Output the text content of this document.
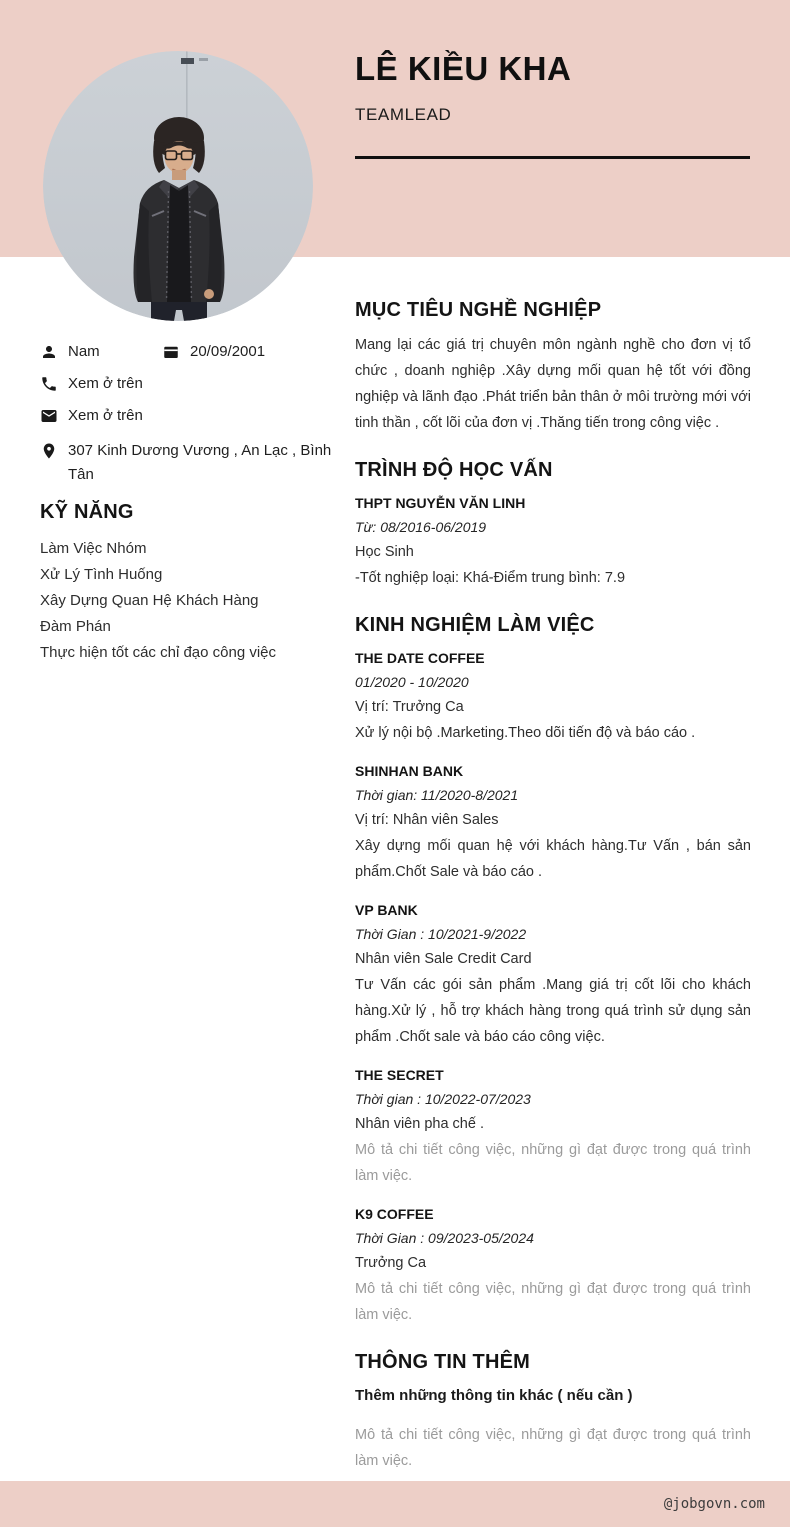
LÊ KIỀU KHA
TEAMLEAD
Nam	20/09/2001
Xem ở trên
Xem ở trên
307 Kinh Dương Vương , An Lạc , Bình Tân
KỸ NĂNG
Làm Việc Nhóm
Xử Lý Tình Huống
Xây Dựng Quan Hệ Khách Hàng
Đàm Phán
Thực hiện tốt các chỉ đạo công việc
MỤC TIÊU NGHỀ NGHIỆP

Mang lại các giá trị chuyên môn ngành nghề cho đơn vị tổ chức , doanh nghiệp .Xây dựng mối quan hệ tốt với đồng nghiệp và lãnh đạo .Phát triển bản thân ở môi trường mới với tinh thần , cốt lõi của đơn vị .Thăng tiến trong công việc .

TRÌNH ĐỘ HỌC VẤN
THPT NGUYỄN VĂN LINH
Từ: 08/2016-06/2019
Học Sinh
-Tốt nghiệp loại: Khá-Điểm trung bình: 7.9
KINH NGHIỆM LÀM VIỆC
THE DATE COFFEE
01/2020 - 10/2020
Vị trí: Trưởng Ca
Xử lý nội bộ .Marketing.Theo dõi tiến độ và báo cáo .
SHINHAN BANK
Thời gian: 11/2020-8/2021
Vị trí: Nhân viên Sales
Xây dựng mối quan hệ với khách hàng.Tư Vấn , bán sản phẩm.Chốt Sale và báo cáo .
VP BANK
Thời Gian : 10/2021-9/2022
Nhân viên Sale Credit Card
Tư Vấn các gói sản phẩm .Mang giá trị cốt lõi cho khách hàng.Xử lý , hỗ trợ khách hàng trong quá trình sử dụng sản phẩm .Chốt sale và báo cáo công việc.
THE SECRET
Thời gian : 10/2022-07/2023
Nhân viên pha chế .
Mô tả chi tiết công việc, những gì đạt được trong quá trình làm việc.
K9 COFFEE
Thời Gian : 09/2023-05/2024
Trưởng Ca
Mô tả chi tiết công việc, những gì đạt được trong quá trình làm việc.
THÔNG TIN THÊM
Thêm những thông tin khác ( nếu cần )

Mô tả chi tiết công việc, những gì đạt được trong quá trình làm việc.

@jobgovn.com
